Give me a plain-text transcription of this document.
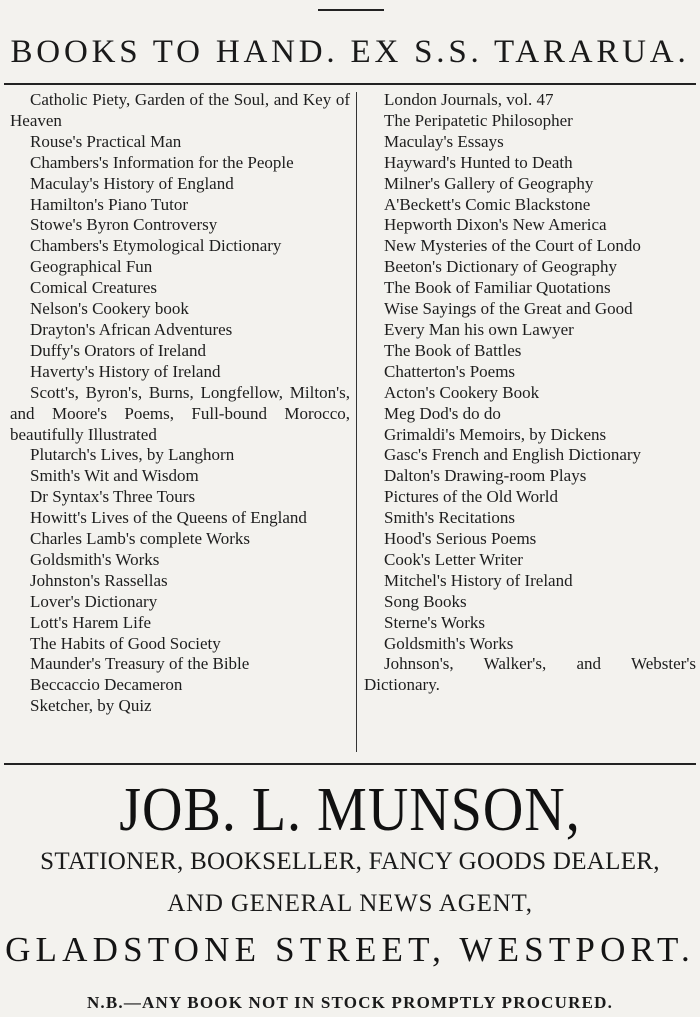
BOOKS TO HAND. EX S.S. TARARUA.
Catholic Piety, Garden of the Soul, and Key of Heaven
Rouse's Practical Man
Chambers's Information for the People
Maculay's History of England
Hamilton's Piano Tutor
Stowe's Byron Controversy
Chambers's Etymological Dictionary
Geographical Fun
Comical Creatures
Nelson's Cookery book
Drayton's African Adventures
Duffy's Orators of Ireland
Haverty's History of Ireland
Scott's, Byron's, Burns, Longfellow, Milton's, and Moore's Poems, Full-bound Morocco, beautifully Illustrated
Plutarch's Lives, by Langhorn
Smith's Wit and Wisdom
Dr Syntax's Three Tours
Howitt's Lives of the Queens of England
Charles Lamb's complete Works
Goldsmith's Works
Johnston's Rassellas
Lover's Dictionary
Lott's Harem Life
The Habits of Good Society
Maunder's Treasury of the Bible
Beccaccio Decameron
Sketcher, by Quiz
London Journals, vol. 47
The Peripatetic Philosopher
Maculay's Essays
Hayward's Hunted to Death
Milner's Gallery of Geography
A'Beckett's Comic Blackstone
Hepworth Dixon's New America
New Mysteries of the Court of Londo
Beeton's Dictionary of Geography
The Book of Familiar Quotations
Wise Sayings of the Great and Good
Every Man his own Lawyer
The Book of Battles
Chatterton's Poems
Acton's Cookery Book
Meg Dod's do do
Grimaldi's Memoirs, by Dickens
Gasc's French and English Dictionary
Dalton's Drawing-room Plays
Pictures of the Old World
Smith's Recitations
Hood's Serious Poems
Cook's Letter Writer
Mitchel's History of Ireland
Song Books
Sterne's Works
Goldsmith's Works
Johnson's, Walker's, and Webster's Dictionary.
JOB. L. MUNSON,
STATIONER, BOOKSELLER, FANCY GOODS DEALER,
AND GENERAL NEWS AGENT,
GLADSTONE STREET, WESTPORT.
N.B.—ANY BOOK NOT IN STOCK PROMPTLY PROCURED.
